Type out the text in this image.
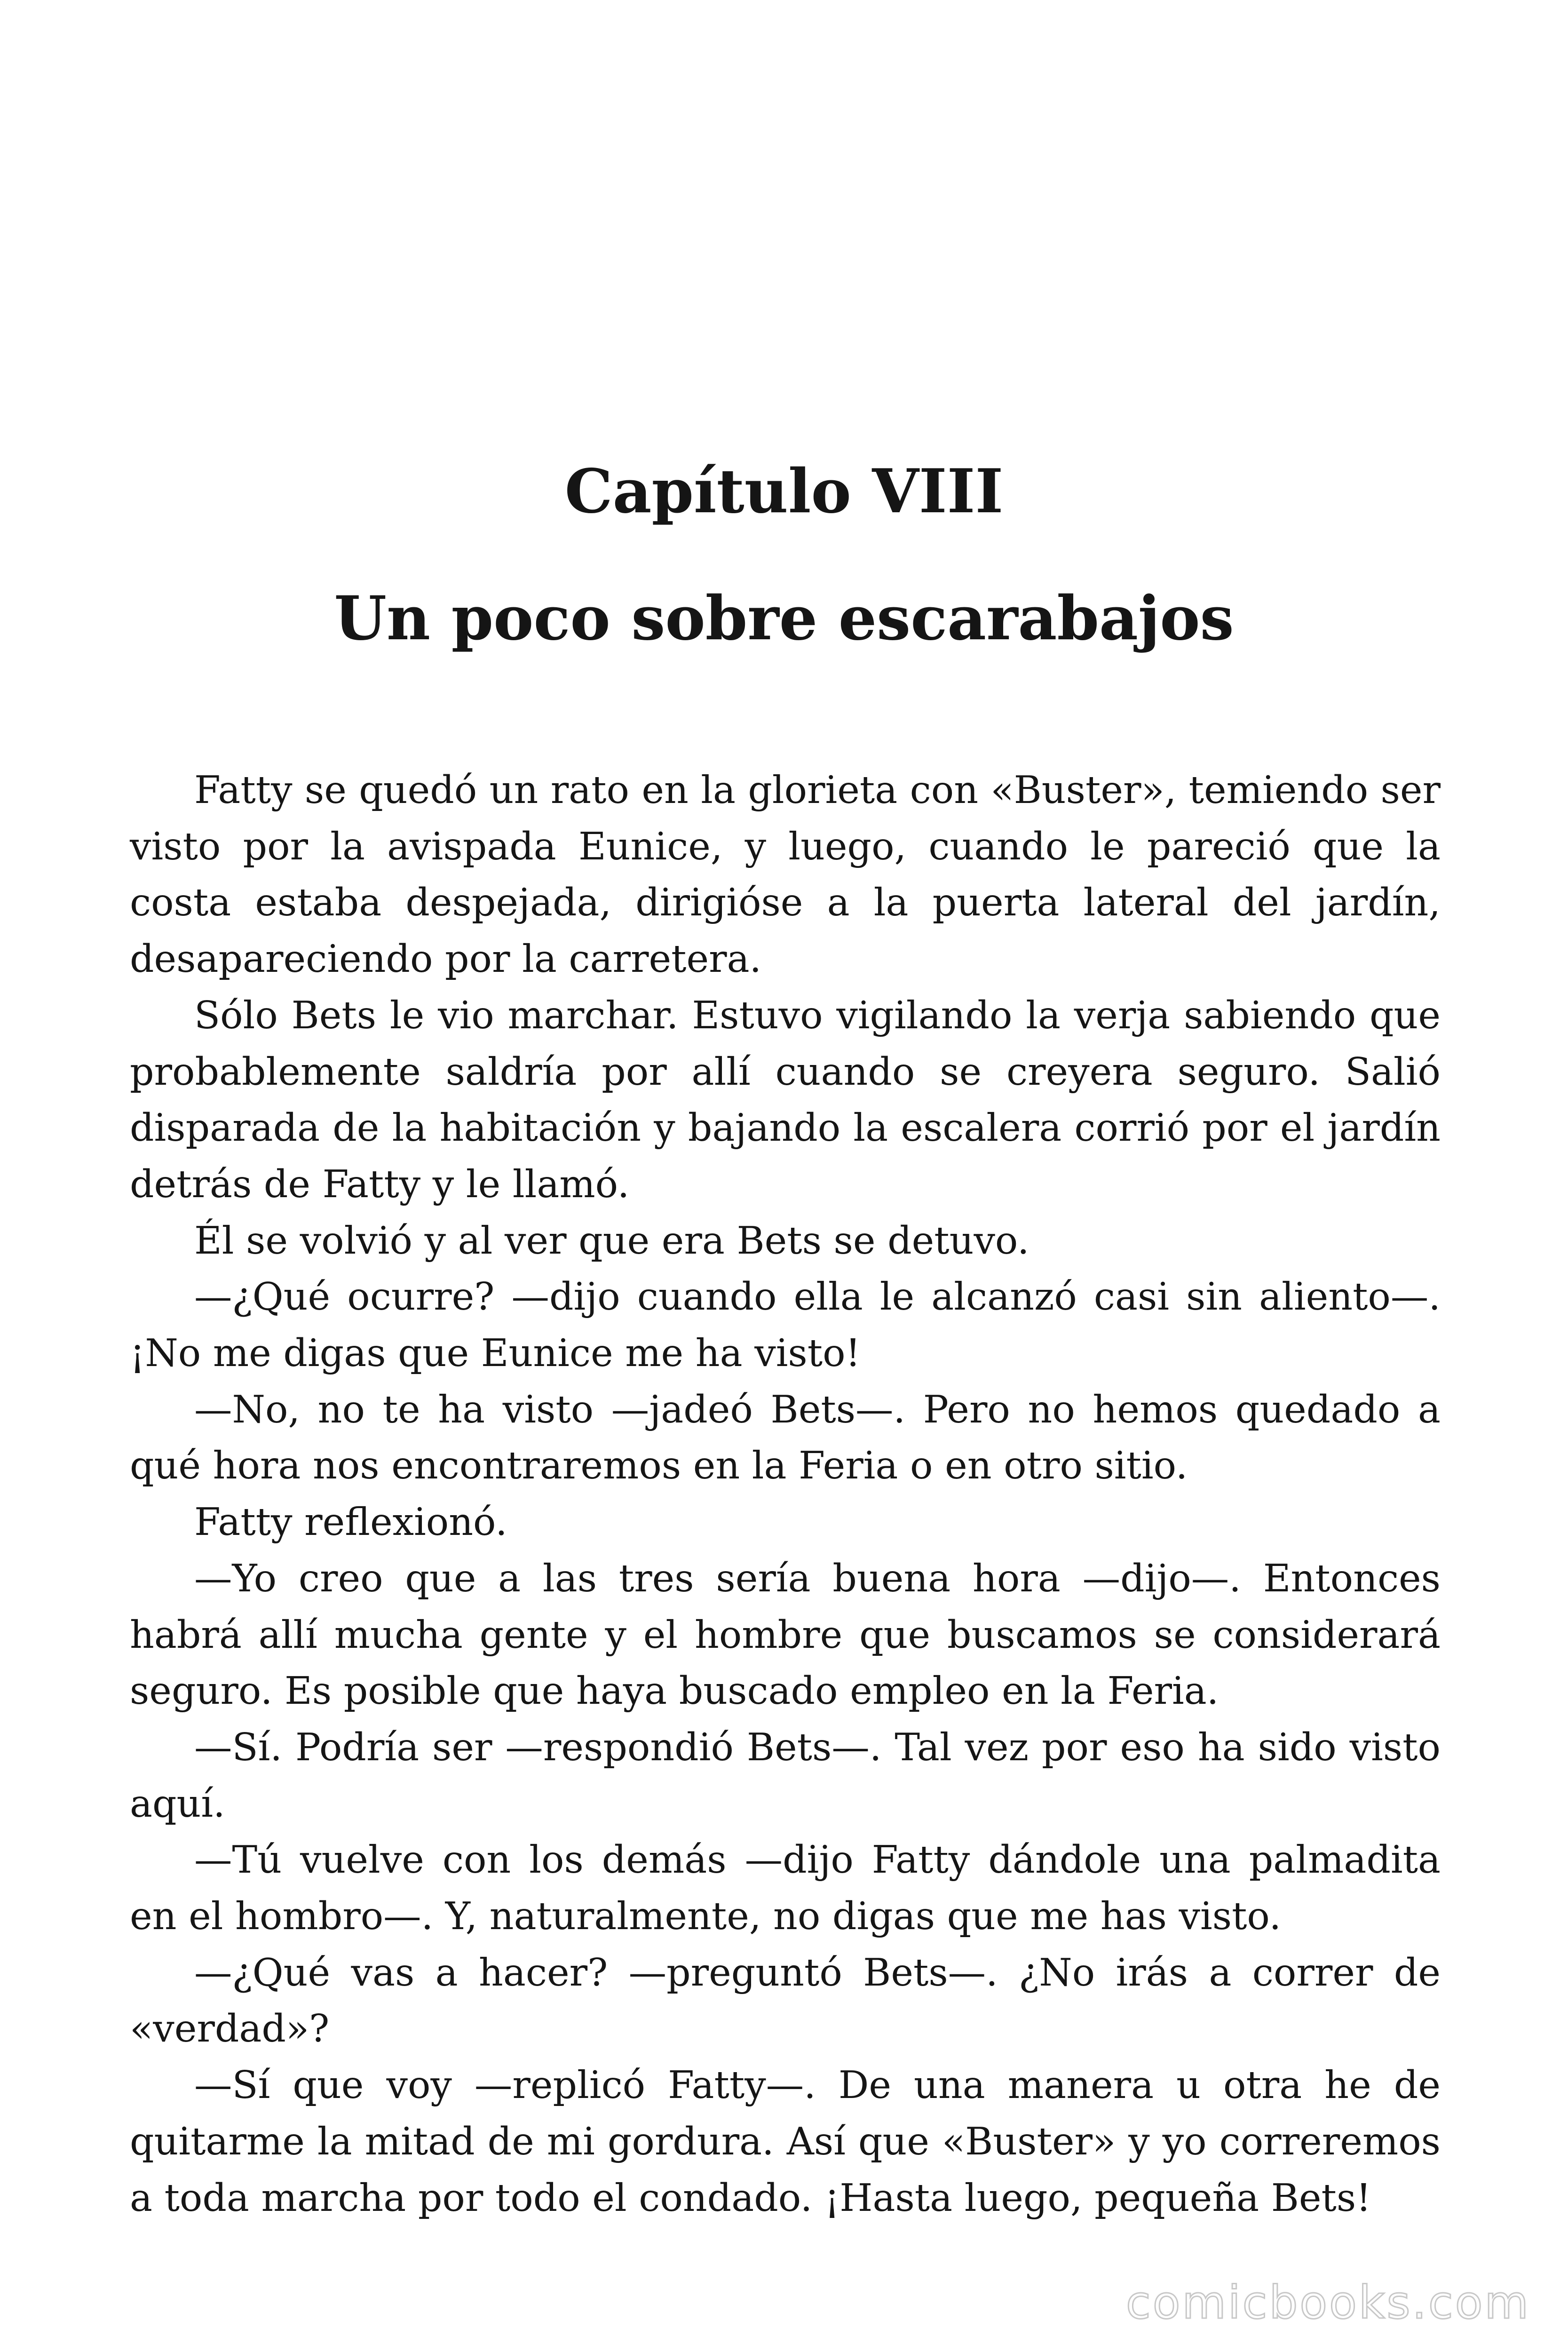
Capítulo VIII
Un poco sobre escarabajos

Fatty se quedó un rato en la glorieta con «Buster», temiendo ser visto por la avispada Eunice, y luego, cuando le pareció que la costa estaba despejada, dirigióse a la puerta lateral del jardín, desapareciendo por la carretera.

Sólo Bets le vio marchar. Estuvo vigilando la verja sabiendo que probablemente saldría por allí cuando se creyera seguro. Salió disparada de la habitación y bajando la escalera corrió por el jardín detrás de Fatty y le llamó.

Él se volvió y al ver que era Bets se detuvo.

—¿Qué ocurre? —dijo cuando ella le alcanzó casi sin aliento—. ¡No me digas que Eunice me ha visto!

—No, no te ha visto —jadeó Bets—. Pero no hemos quedado a qué hora nos encontraremos en la Feria o en otro sitio.

Fatty reflexionó.

—Yo creo que a las tres sería buena hora —dijo—. Entonces habrá allí mucha gente y el hombre que buscamos se considerará seguro. Es posible que haya buscado empleo en la Feria.

—Sí. Podría ser —respondió Bets—. Tal vez por eso ha sido visto aquí.

—Tú vuelve con los demás —dijo Fatty dándole una palmadita en el hombro—. Y, naturalmente, no digas que me has visto.

—¿Qué vas a hacer? —preguntó Bets—. ¿No irás a correr de «verdad»?

—Sí que voy —replicó Fatty—. De una manera u otra he de quitarme la mitad de mi gordura. Así que «Buster» y yo correremos a toda marcha por todo el condado. ¡Hasta luego, pequeña Bets!

comicbooks.com
